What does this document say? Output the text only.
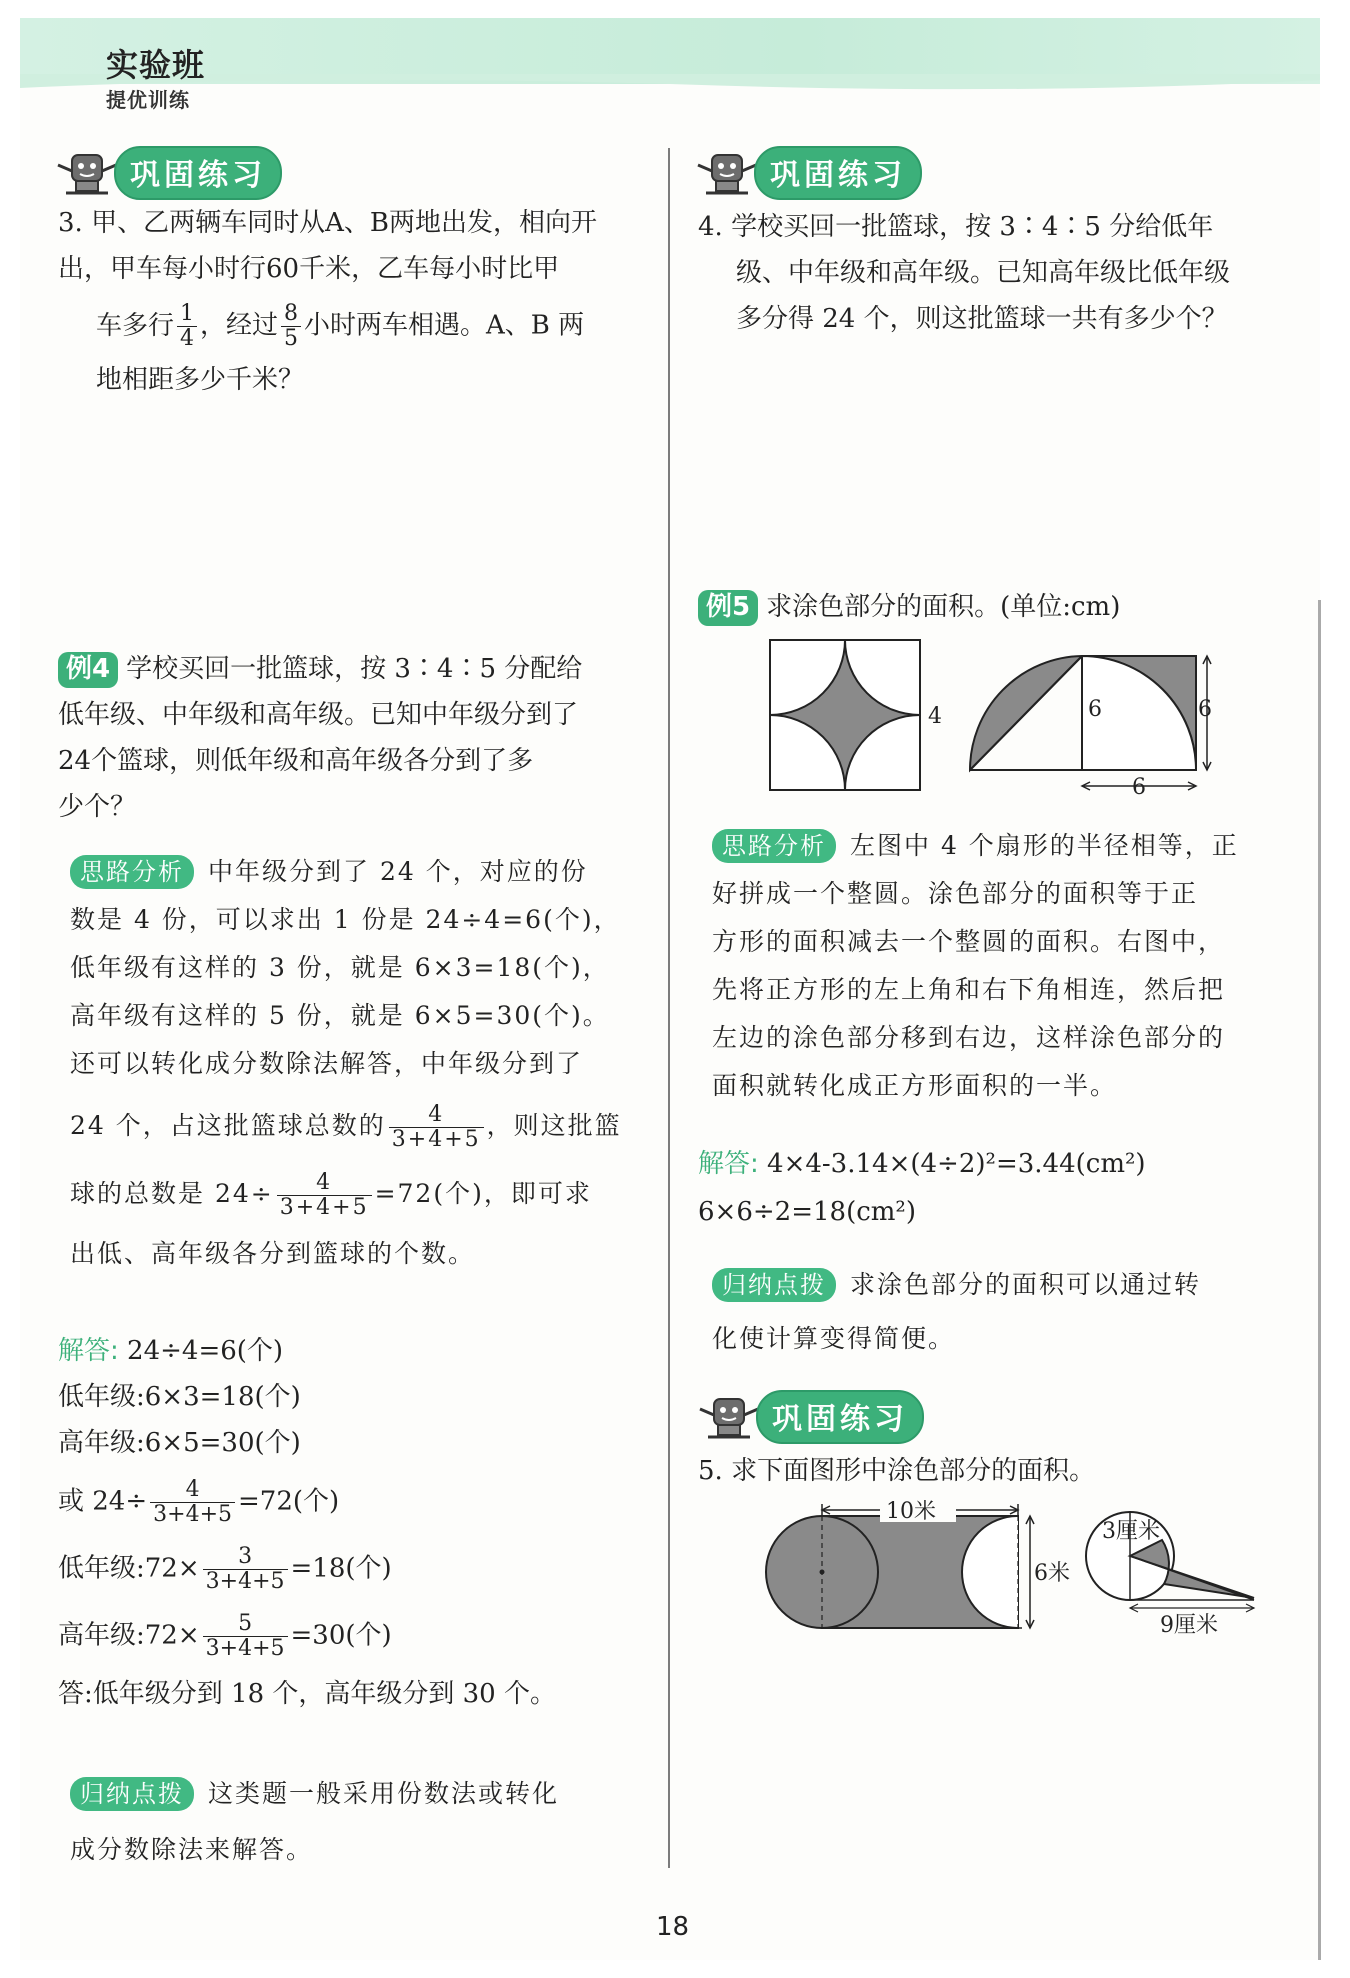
实验班
提优训练
巩固练习
3. 甲、乙两辆车同时从A、B两地出发，相向开
出，甲车每小时行60千米，乙车每小时比甲
车多行 $\frac{1}{4}$ ，经过 $\frac{8}{5}$ 小时两车相遇。A、B 两
地相距多少千米？
例4 学校买回一批篮球，按 3∶4∶5 分配给
低年级、中年级和高年级。已知中年级分到了
24个篮球，则低年级和高年级各分到了多
少个？
思路分析 中年级分到了 24 个，对应的份
数是 4 份，可以求出 1 份是 24÷4=6(个)，
低年级有这样的 3 份，就是 6×3=18(个)，
高年级有这样的 5 份，就是 6×5=30(个)。
还可以转化成分数除法解答，中年级分到了
24 个，占这批篮球总数的 $\frac{4}{3+4+5}$ ，则这批篮
球的总数是 $24\div \frac{4}{3+4+5} =72$(个)，即可求
出低、高年级各分到篮球的个数。
解答: 24÷4=6(个)
低年级:6×3=18(个)
高年级:6×5=30(个)
或 $24\div \frac{4}{3+4+5} =72$(个)
低年级:72× $\frac{3}{3+4+5} =18$(个)
高年级:72× $\frac{5}{3+4+5} =30$(个)
答:低年级分到 18 个，高年级分到 30 个。
归纳点拨 这类题一般采用份数法或转化
成分数除法来解答。
巩固练习
4. 学校买回一批篮球，按 3∶4∶5 分给低年
级、中年级和高年级。已知高年级比低年级
多分得 24 个，则这批篮球一共有多少个？
例5 求涂色部分的面积。(单位:cm)
4	6	6
6
思路分析 左图中 4 个扇形的半径相等，正
好拼成一个整圆。涂色部分的面积等于正
方形的面积减去一个整圆的面积。右图中，
先将正方形的左上角和右下角相连，然后把
左边的涂色部分移到右边，这样涂色部分的
面积就转化成正方形面积的一半。
解答: 4×4-3.14×(4÷2)²=3.44(cm²)
6×6÷2=18(cm²)
归纳点拨 求涂色部分的面积可以通过转
化使计算变得简便。
巩固练习
5. 求下面图形中涂色部分的面积。
10米
6米
3厘米
9厘米
18
